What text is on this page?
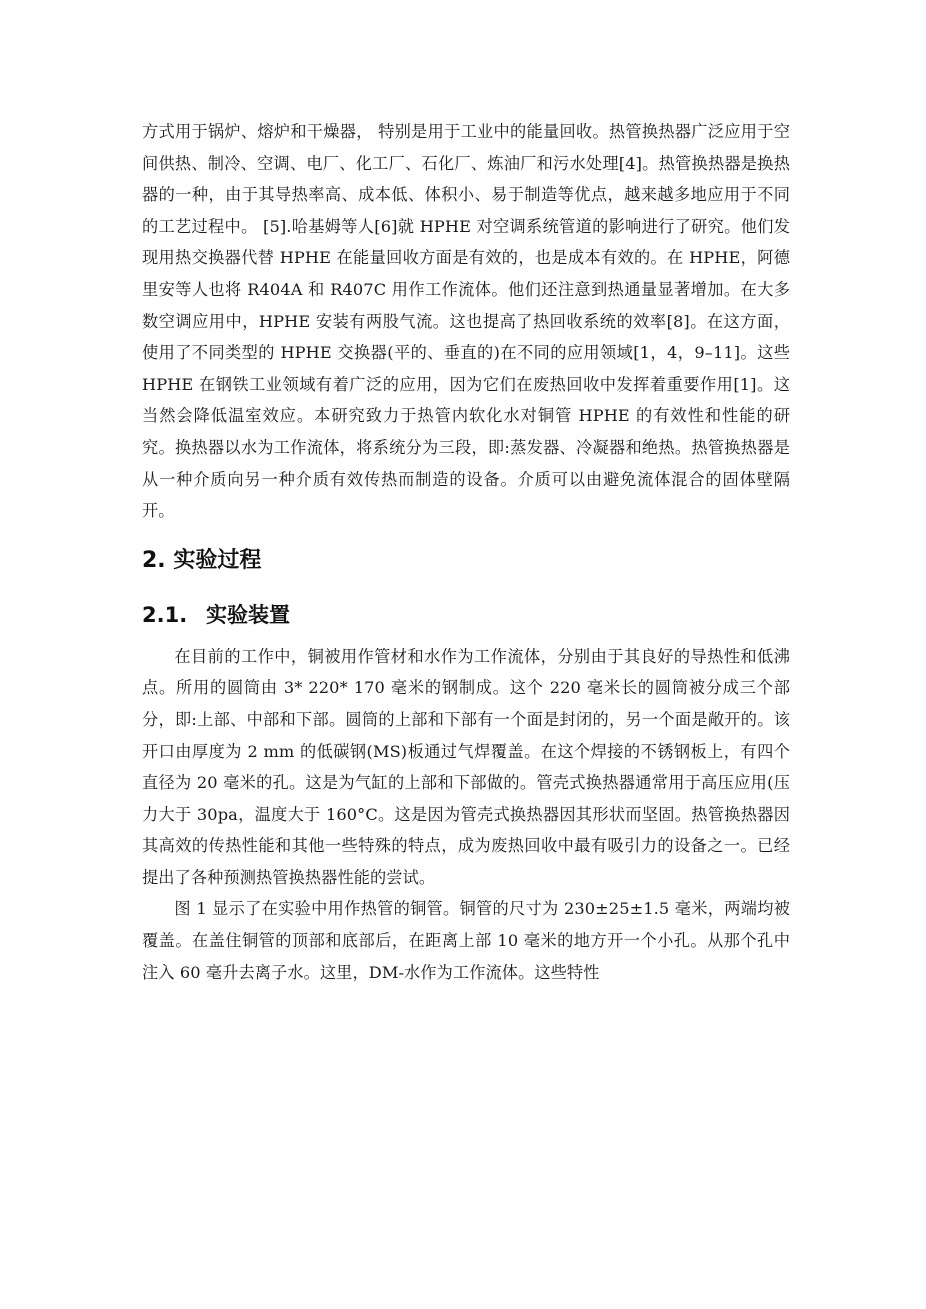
方式用于锅炉、熔炉和干燥器， 特别是用于工业中的能量回收。热管换热器广泛应用于空间供热、制冷、空调、电厂、化工厂、石化厂、炼油厂和污水处理[4]。热管换热器是换热器的一种，由于其导热率高、成本低、体积小、易于制造等优点，越来越多地应用于不同的工艺过程中。 [5].哈基姆等人[6]就 HPHE 对空调系统管道的影响进行了研究。他们发现用热交换器代替 HPHE 在能量回收方面是有效的，也是成本有效的。在 HPHE，阿德里安等人也将 R404A 和 R407C 用作工作流体。他们还注意到热通量显著增加。在大多数空调应用中，HPHE 安装有两股气流。这也提高了热回收系统的效率[8]。在这方面，使用了不同类型的 HPHE 交换器(平的、垂直的)在不同的应用领域[1，4，9–11]。这些 HPHE 在钢铁工业领域有着广泛的应用，因为它们在废热回收中发挥着重要作用[1]。这当然会降低温室效应。本研究致力于热管内软化水对铜管 HPHE 的有效性和性能的研究。换热器以水为工作流体，将系统分为三段，即:蒸发器、冷凝器和绝热。热管换热器是从一种介质向另一种介质有效传热而制造的设备。介质可以由避免流体混合的固体壁隔开。

2. 实验过程
2.1. 实验装置

在目前的工作中，铜被用作管材和水作为工作流体，分别由于其良好的导热性和低沸点。所用的圆筒由 3* 220* 170 毫米的钢制成。这个 220 毫米长的圆筒被分成三个部分，即:上部、中部和下部。圆筒的上部和下部有一个面是封闭的，另一个面是敞开的。该开口由厚度为 2 mm 的低碳钢(MS)板通过气焊覆盖。在这个焊接的不锈钢板上，有四个直径为 20 毫米的孔。这是为气缸的上部和下部做的。管壳式换热器通常用于高压应用(压力大于 30pa，温度大于 160°C。这是因为管壳式换热器因其形状而坚固。热管换热器因其高效的传热性能和其他一些特殊的特点，成为废热回收中最有吸引力的设备之一。已经提出了各种预测热管换热器性能的尝试。

图 1 显示了在实验中用作热管的铜管。铜管的尺寸为 230±25±1.5 毫米，两端均被覆盖。在盖住铜管的顶部和底部后，在距离上部 10 毫米的地方开一个小孔。从那个孔中注入 60 毫升去离子水。这里，DM-水作为工作流体。这些特性
